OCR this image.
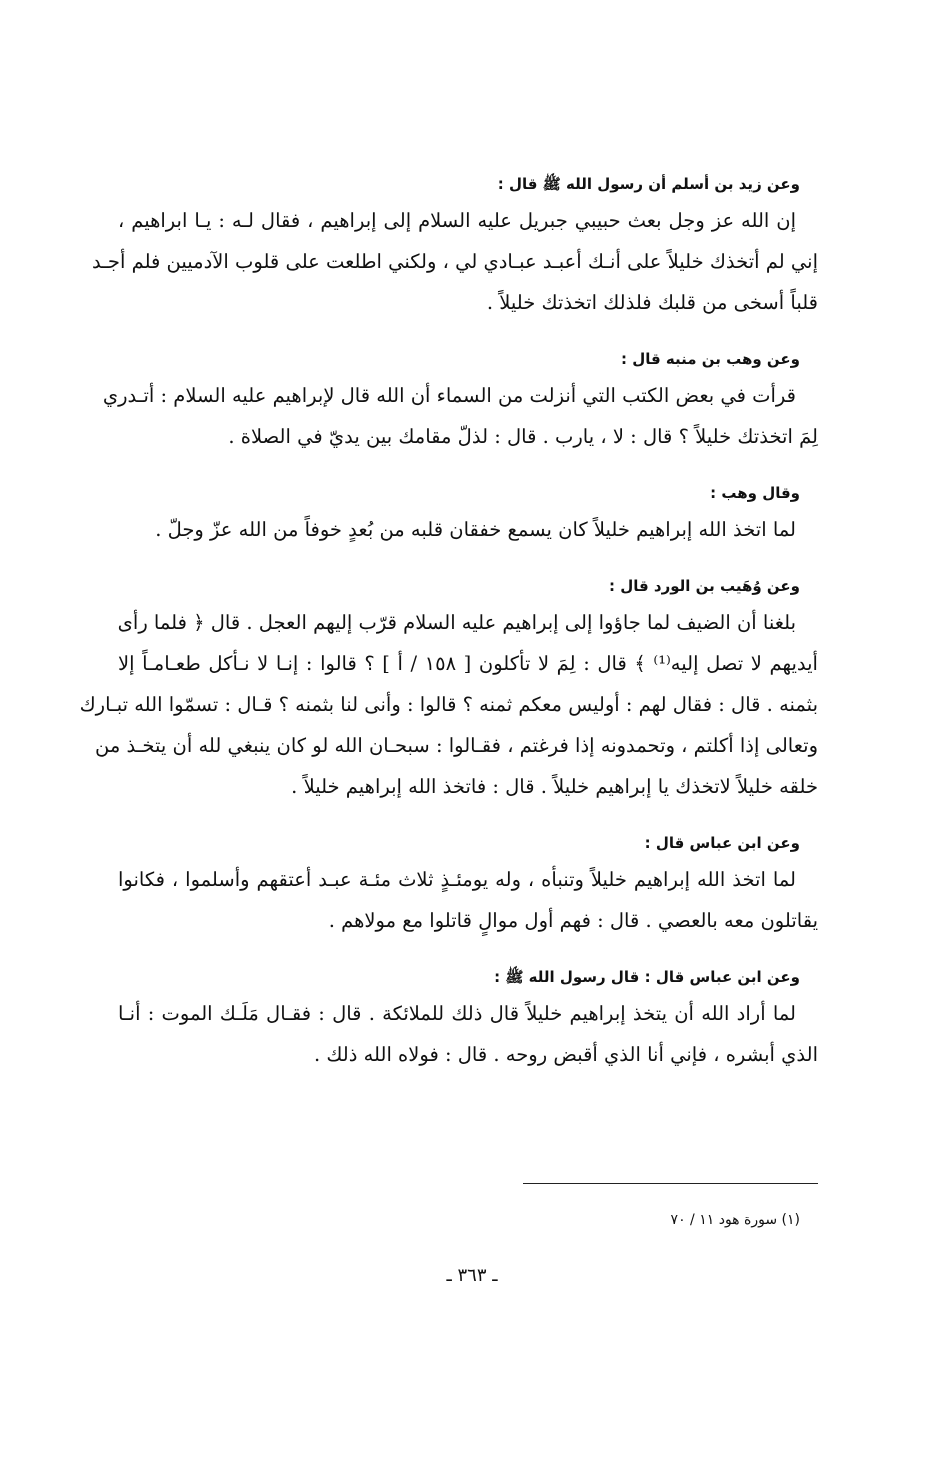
وعن زيد بن أسلم أن رسول الله ﷺ قال :
إن الله عز وجل بعث حبيبي جبريل عليه السلام إلى إبراهيم ، فقال لـه : يـا ابراهيم ،
إني لم أتخذك خليلاً على أنـك أعبـد عبـادي لي ، ولكني اطلعت على قلوب الآدميين فلم أجـد
قلباً أسخى من قلبك فلذلك اتخذتك خليلاً .
وعن وهب بن منبه قال :
قرأت في بعض الكتب التي أنزلت من السماء أن الله قال لإبراهيم عليه السلام : أتـدري
لِمَ اتخذتك خليلاً ؟ قال : لا ، يارب . قال : لذلّ مقامك بين يديّ في الصلاة .
وقال وهب :
لما اتخذ الله إبراهيم خليلاً كان يسمع خفقان قلبه من بُعدٍ خوفاً من الله عزّ وجلّ .
وعن وُهَيب بن الورد قال :
بلغنا أن الضيف لما جاؤوا إلى إبراهيم عليه السلام قرّب إليهم العجل . قال ﴿ فلما رأى
أيديهم لا تصل إليه⁽¹⁾ ﴾ قال : لِمَ لا تأكلون [ ١٥٨ / أ ] ؟ قالوا : إنـا لا نـأكل طعـامـاً إلا
بثمنه . قال : فقال لهم : أوليس معكم ثمنه ؟ قالوا : وأنى لنا بثمنه ؟ قـال : تسمّوا الله تبـارك
وتعالى إذا أكلتم ، وتحمدونه إذا فرغتم ، فقـالوا : سبحـان الله لو كان ينبغي لله أن يتخـذ من
خلقه خليلاً لاتخذك يا إبراهيم خليلاً . قال : فاتخذ الله إبراهيم خليلاً .
وعن ابن عباس قال :
لما اتخذ الله إبراهيم خليلاً وتنبأه ، وله يومئـذٍ ثلاث مئـة عبـد أعتقهم وأسلموا ، فكانوا
يقاتلون معه بالعصي . قال : فهم أول موالٍ قاتلوا مع مولاهم .
وعن ابن عباس قال : قال رسول الله ﷺ :
لما أراد الله أن يتخذ إبراهيم خليلاً قال ذلك للملائكة . قال : فقـال مَلَـك الموت : أنـا
الذي أبشره ، فإني أنا الذي أقبض روحه . قال : فولاه الله ذلك .
(١) سورة هود ١١ / ٧٠
ـ ٣٦٣ ـ
